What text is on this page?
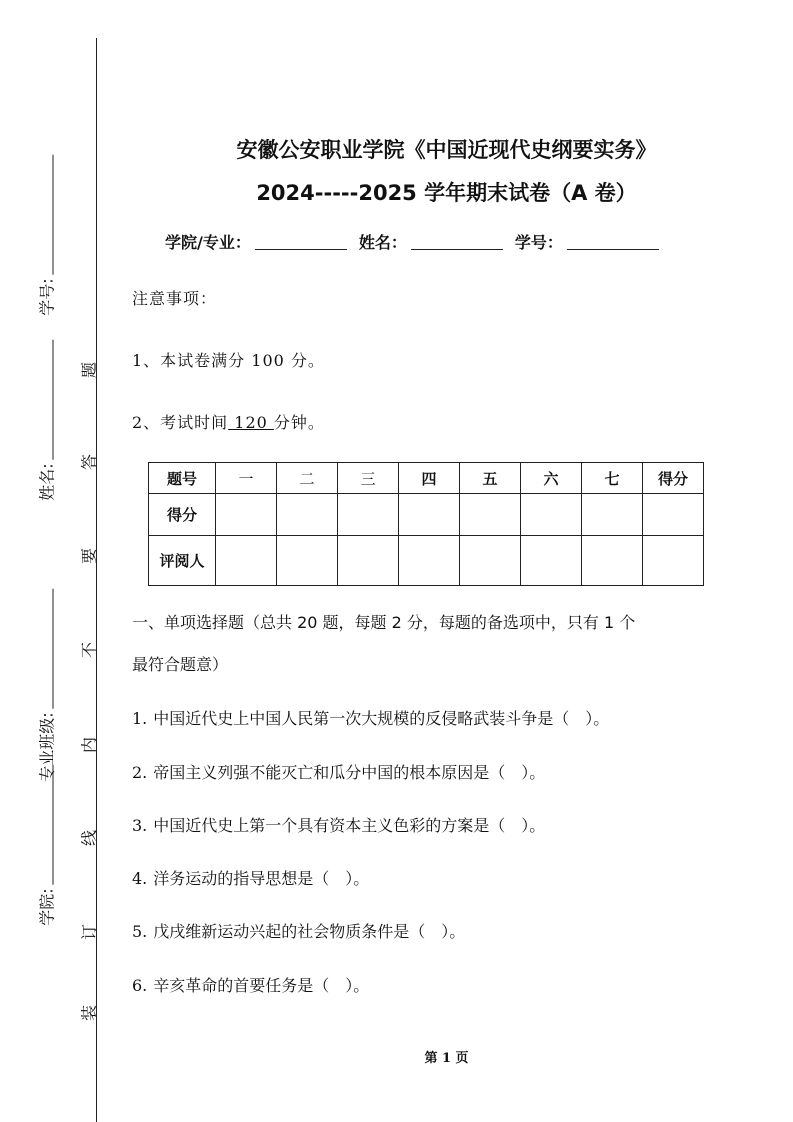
学号:
姓名:
专业班级:
学院:
题
答
要
不
内
线
订
装
安徽公安职业学院《中国近现代史纲要实务》
2024-----2025 学年期末试卷（A 卷）
学院/专业：	姓名：	学号：
注意事项：
1、本试卷满分 100 分。
2、考试时间 120 分钟。
题号	一	二	三	四	五	六	七	得分
得分								
评阅人								
一、单项选择题（总共 20 题，每题 2 分，每题的备选项中，只有 1 个
最符合题意）
1. 中国近代史上中国人民第一次大规模的反侵略武装斗争是（　）。
2. 帝国主义列强不能灭亡和瓜分中国的根本原因是（　）。
3. 中国近代史上第一个具有资本主义色彩的方案是（　）。
4. 洋务运动的指导思想是（　）。
5. 戊戌维新运动兴起的社会物质条件是（　）。
6. 辛亥革命的首要任务是（　）。
第 1 页
